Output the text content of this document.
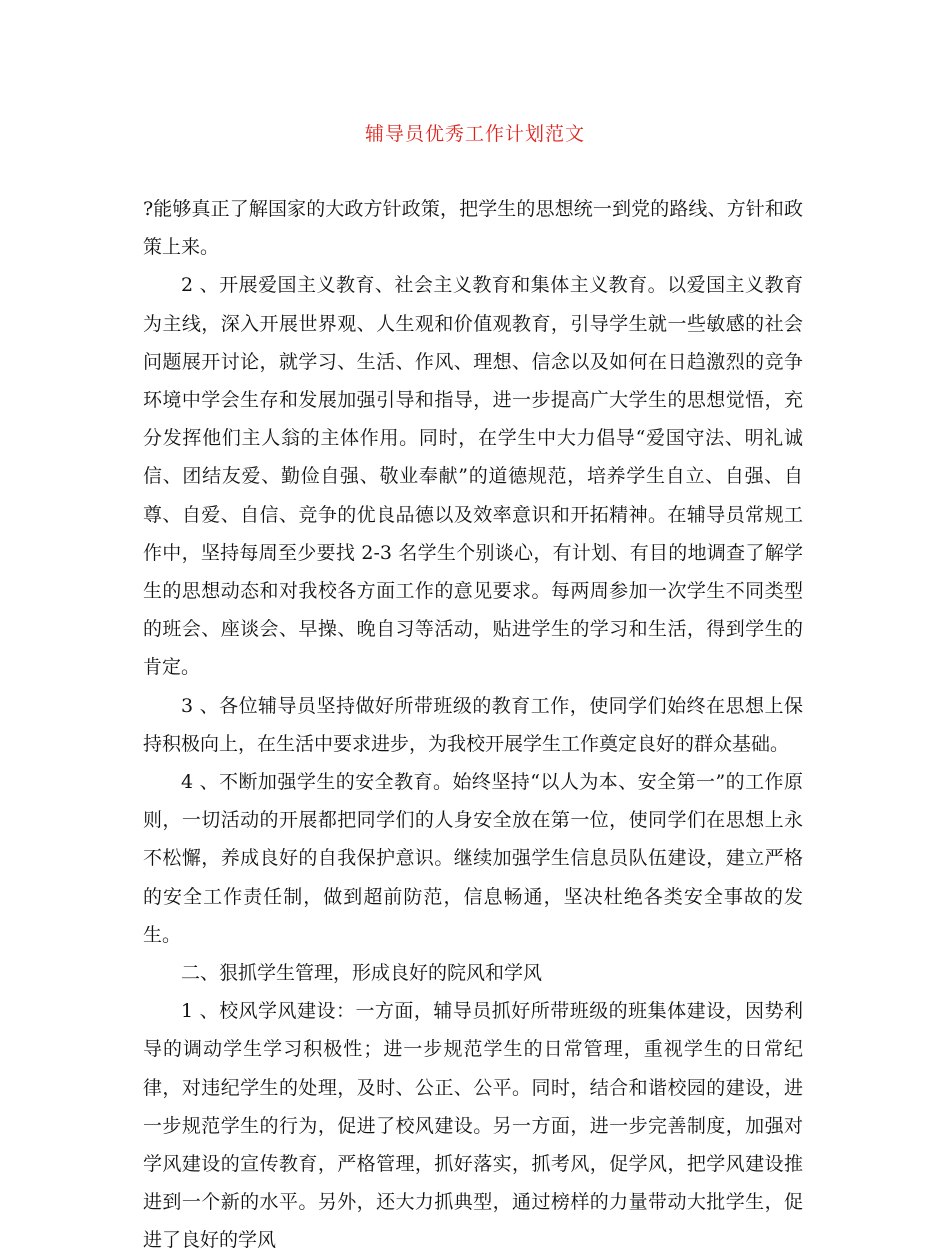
辅导员优秀工作计划范文

?能够真正了解国家的大政方针政策，把学生的思想统一到党的路线、方针和政策上来。

2 、开展爱国主义教育、社会主义教育和集体主义教育。以爱国主义教育为主线，深入开展世界观、人生观和价值观教育，引导学生就一些敏感的社会问题展开讨论，就学习、生活、作风、理想、信念以及如何在日趋激烈的竞争环境中学会生存和发展加强引导和指导，进一步提高广大学生的思想觉悟，充分发挥他们主人翁的主体作用。同时，在学生中大力倡导“爱国守法、明礼诚信、团结友爱、勤俭自强、敬业奉献”的道德规范，培养学生自立、自强、自尊、自爱、自信、竞争的优良品德以及效率意识和开拓精神。在辅导员常规工作中，坚持每周至少要找 2-3 名学生个别谈心，有计划、有目的地调查了解学生的思想动态和对我校各方面工作的意见要求。每两周参加一次学生不同类型的班会、座谈会、早操、晚自习等活动，贴进学生的学习和生活，得到学生的肯定。

3 、各位辅导员坚持做好所带班级的教育工作，使同学们始终在思想上保持积极向上，在生活中要求进步，为我校开展学生工作奠定良好的群众基础。

4 、不断加强学生的安全教育。始终坚持“以人为本、安全第一”的工作原则，一切活动的开展都把同学们的人身安全放在第一位，使同学们在思想上永不松懈，养成良好的自我保护意识。继续加强学生信息员队伍建设，建立严格的安全工作责任制，做到超前防范，信息畅通，坚决杜绝各类安全事故的发生。

二、狠抓学生管理，形成良好的院风和学风

1 、校风学风建设：一方面，辅导员抓好所带班级的班集体建设，因势利导的调动学生学习积极性；进一步规范学生的日常管理，重视学生的日常纪律，对违纪学生的处理，及时、公正、公平。同时，结合和谐校园的建设，进一步规范学生的行为，促进了校风建设。另一方面，进一步完善制度，加强对学风建设的宣传教育，严格管理，抓好落实，抓考风，促学风，把学风建设推进到一个新的水平。另外，还大力抓典型，通过榜样的力量带动大批学生，促进了良好的学风
